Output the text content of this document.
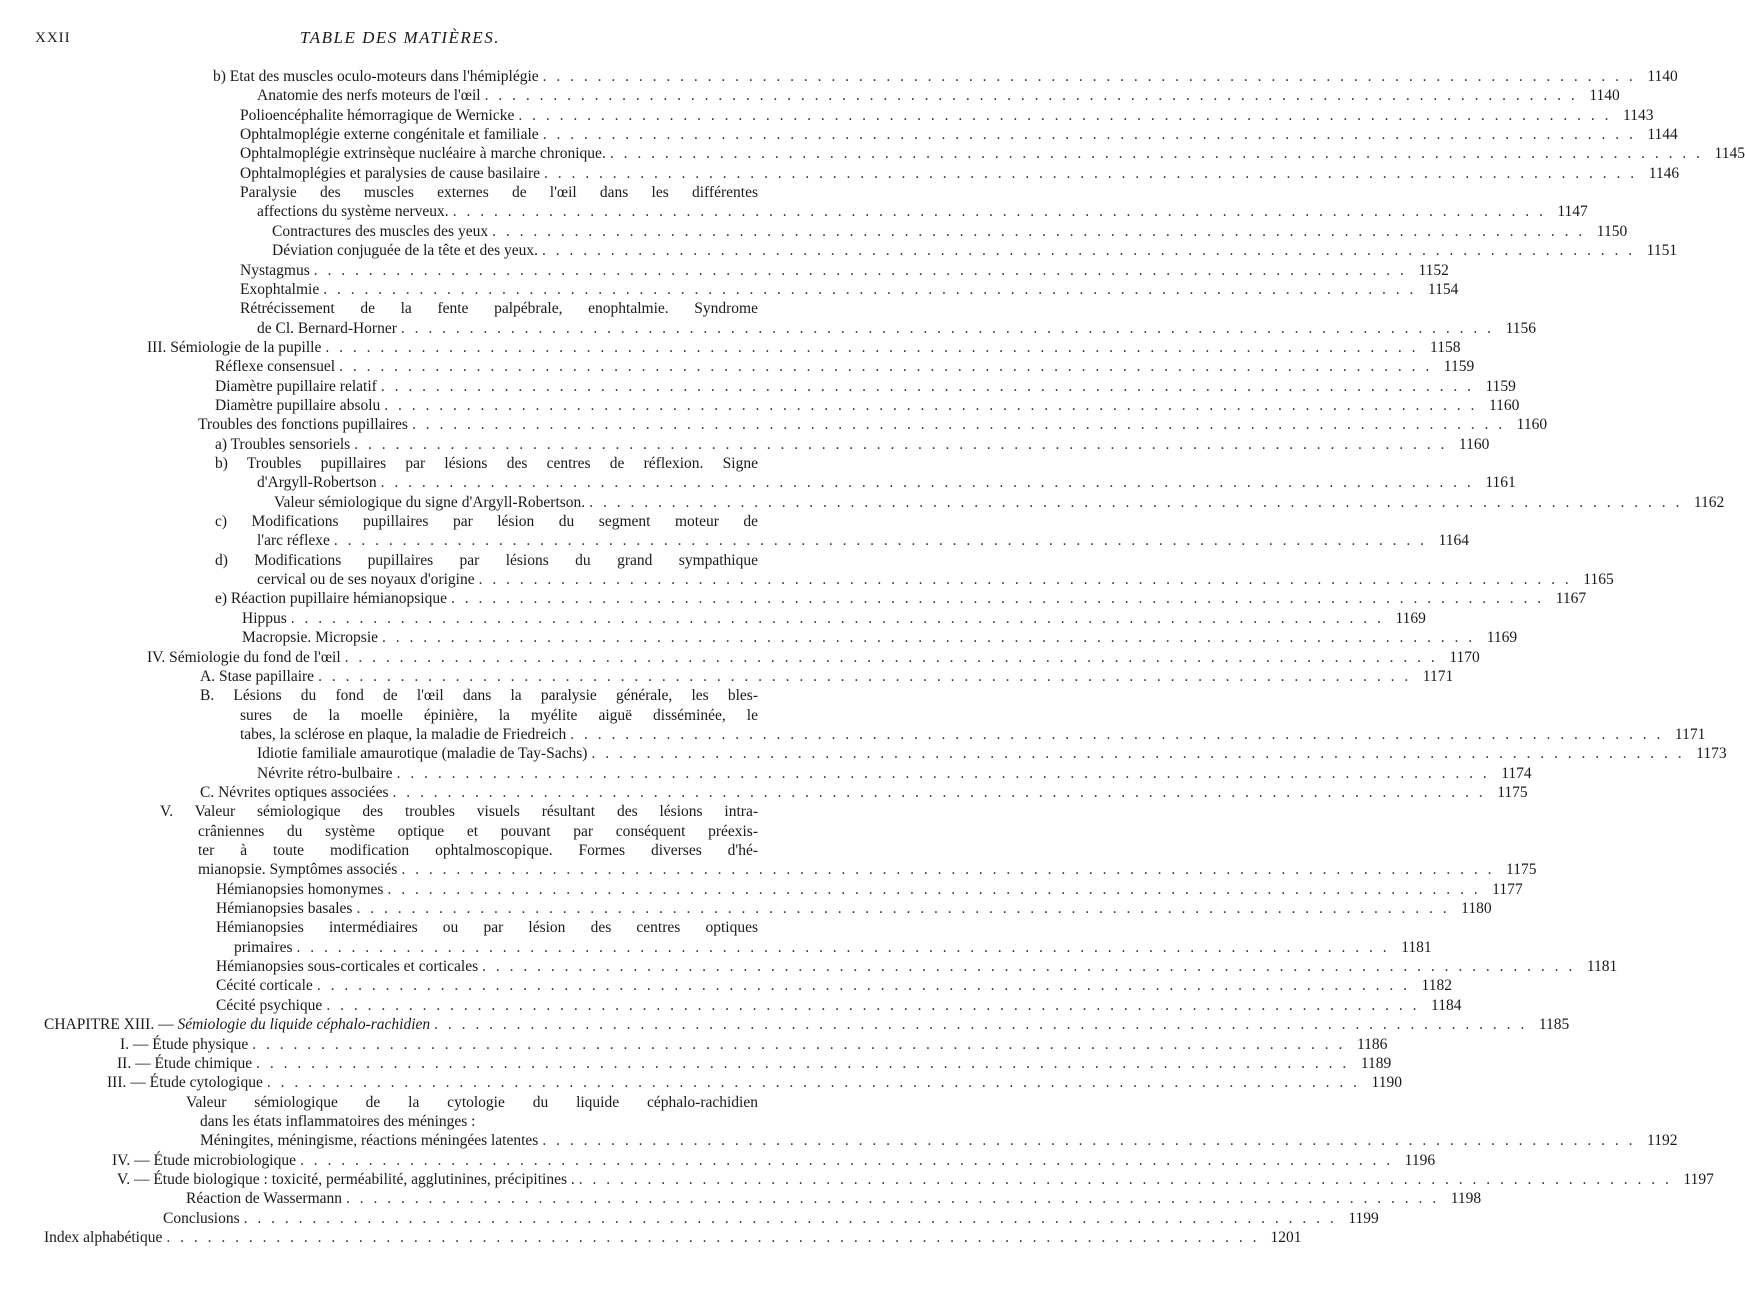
XXII	TABLE DES MATIÈRES.
b) Etat des muscles oculo-moteurs dans l'hémiplégie . . . . . . . . . . . . . . . . . . . . . . . . . . . . . . . . . . . . . . . . . . . . . . . . . . . . . . . . . . . . . . . . . . . . . . . . . . . . . . . . 1140
Anatomie des nerfs moteurs de l'œil . . . . . . . . . . . . . . . . . . . . . . . . . . . . . . . . . . . . . . . . . . . . . . . . . . . . . . . . . . . . . . . . . . . . . . . . . . . . . . . . 1140
Polioencéphalite hémorragique de Wernicke . . . . . . . . . . . . . . . . . . . . . . . . . . . . . . . . . . . . . . . . . . . . . . . . . . . . . . . . . . . . . . . . . . . . . . . . . . . . . . . . 1143
Ophtalmoplégie externe congénitale et familiale . . . . . . . . . . . . . . . . . . . . . . . . . . . . . . . . . . . . . . . . . . . . . . . . . . . . . . . . . . . . . . . . . . . . . . . . . . . . . . . . 1144
Ophtalmoplégie extrinsèque nucléaire à marche chronique. . . . . . . . . . . . . . . . . . . . . . . . . . . . . . . . . . . . . . . . . . . . . . . . . . . . . . . . . . . . . . . . . . . . . . . . . . . . . . . . . 1145
Ophtalmoplégies et paralysies de cause basilaire . . . . . . . . . . . . . . . . . . . . . . . . . . . . . . . . . . . . . . . . . . . . . . . . . . . . . . . . . . . . . . . . . . . . . . . . . . . . . . . . 1146
Paralysie des muscles externes de l'œil dans les différentes
affections du système nerveux. . . . . . . . . . . . . . . . . . . . . . . . . . . . . . . . . . . . . . . . . . . . . . . . . . . . . . . . . . . . . . . . . . . . . . . . . . . . . . . . . 1147
Contractures des muscles des yeux . . . . . . . . . . . . . . . . . . . . . . . . . . . . . . . . . . . . . . . . . . . . . . . . . . . . . . . . . . . . . . . . . . . . . . . . . . . . . . . . 1150
Déviation conjuguée de la tête et des yeux. . . . . . . . . . . . . . . . . . . . . . . . . . . . . . . . . . . . . . . . . . . . . . . . . . . . . . . . . . . . . . . . . . . . . . . . . . . . . . . . . 1151
Nystagmus . . . . . . . . . . . . . . . . . . . . . . . . . . . . . . . . . . . . . . . . . . . . . . . . . . . . . . . . . . . . . . . . . . . . . . . . . . . . . . . . 1152
Exophtalmie . . . . . . . . . . . . . . . . . . . . . . . . . . . . . . . . . . . . . . . . . . . . . . . . . . . . . . . . . . . . . . . . . . . . . . . . . . . . . . . . 1154
Rétrécissement de la fente palpébrale, enophtalmie. Syndrome
de Cl. Bernard-Horner . . . . . . . . . . . . . . . . . . . . . . . . . . . . . . . . . . . . . . . . . . . . . . . . . . . . . . . . . . . . . . . . . . . . . . . . . . . . . . . . 1156
III. Sémiologie de la pupille . . . . . . . . . . . . . . . . . . . . . . . . . . . . . . . . . . . . . . . . . . . . . . . . . . . . . . . . . . . . . . . . . . . . . . . . . . . . . . . . 1158
Réflexe consensuel . . . . . . . . . . . . . . . . . . . . . . . . . . . . . . . . . . . . . . . . . . . . . . . . . . . . . . . . . . . . . . . . . . . . . . . . . . . . . . . . 1159
Diamètre pupillaire relatif . . . . . . . . . . . . . . . . . . . . . . . . . . . . . . . . . . . . . . . . . . . . . . . . . . . . . . . . . . . . . . . . . . . . . . . . . . . . . . . . 1159
Diamètre pupillaire absolu . . . . . . . . . . . . . . . . . . . . . . . . . . . . . . . . . . . . . . . . . . . . . . . . . . . . . . . . . . . . . . . . . . . . . . . . . . . . . . . . 1160
Troubles des fonctions pupillaires . . . . . . . . . . . . . . . . . . . . . . . . . . . . . . . . . . . . . . . . . . . . . . . . . . . . . . . . . . . . . . . . . . . . . . . . . . . . . . . . 1160
a) Troubles sensoriels . . . . . . . . . . . . . . . . . . . . . . . . . . . . . . . . . . . . . . . . . . . . . . . . . . . . . . . . . . . . . . . . . . . . . . . . . . . . . . . . 1160
b) Troubles pupillaires par lésions des centres de réflexion. Signe
d'Argyll-Robertson . . . . . . . . . . . . . . . . . . . . . . . . . . . . . . . . . . . . . . . . . . . . . . . . . . . . . . . . . . . . . . . . . . . . . . . . . . . . . . . . 1161
Valeur sémiologique du signe d'Argyll-Robertson. . . . . . . . . . . . . . . . . . . . . . . . . . . . . . . . . . . . . . . . . . . . . . . . . . . . . . . . . . . . . . . . . . . . . . . . . . . . . . . . . 1162
c) Modifications pupillaires par lésion du segment moteur de
l'arc réflexe . . . . . . . . . . . . . . . . . . . . . . . . . . . . . . . . . . . . . . . . . . . . . . . . . . . . . . . . . . . . . . . . . . . . . . . . . . . . . . . . 1164
d) Modifications pupillaires par lésions du grand sympathique
cervical ou de ses noyaux d'origine . . . . . . . . . . . . . . . . . . . . . . . . . . . . . . . . . . . . . . . . . . . . . . . . . . . . . . . . . . . . . . . . . . . . . . . . . . . . . . . . 1165
e) Réaction pupillaire hémianopsique . . . . . . . . . . . . . . . . . . . . . . . . . . . . . . . . . . . . . . . . . . . . . . . . . . . . . . . . . . . . . . . . . . . . . . . . . . . . . . . . 1167
Hippus . . . . . . . . . . . . . . . . . . . . . . . . . . . . . . . . . . . . . . . . . . . . . . . . . . . . . . . . . . . . . . . . . . . . . . . . . . . . . . . . 1169
Macropsie. Micropsie . . . . . . . . . . . . . . . . . . . . . . . . . . . . . . . . . . . . . . . . . . . . . . . . . . . . . . . . . . . . . . . . . . . . . . . . . . . . . . . . 1169
IV. Sémiologie du fond de l'œil . . . . . . . . . . . . . . . . . . . . . . . . . . . . . . . . . . . . . . . . . . . . . . . . . . . . . . . . . . . . . . . . . . . . . . . . . . . . . . . . 1170
A. Stase papillaire . . . . . . . . . . . . . . . . . . . . . . . . . . . . . . . . . . . . . . . . . . . . . . . . . . . . . . . . . . . . . . . . . . . . . . . . . . . . . . . . 1171
B. Lésions du fond de l'œil dans la paralysie générale, les bles-
sures de la moelle épinière, la myélite aiguë disséminée, le
tabes, la sclérose en plaque, la maladie de Friedreich . . . . . . . . . . . . . . . . . . . . . . . . . . . . . . . . . . . . . . . . . . . . . . . . . . . . . . . . . . . . . . . . . . . . . . . . . . . . . . . . 1171
Idiotie familiale amaurotique (maladie de Tay-Sachs) . . . . . . . . . . . . . . . . . . . . . . . . . . . . . . . . . . . . . . . . . . . . . . . . . . . . . . . . . . . . . . . . . . . . . . . . . . . . . . . . 1173
Névrite rétro-bulbaire . . . . . . . . . . . . . . . . . . . . . . . . . . . . . . . . . . . . . . . . . . . . . . . . . . . . . . . . . . . . . . . . . . . . . . . . . . . . . . . . 1174
C. Névrites optiques associées . . . . . . . . . . . . . . . . . . . . . . . . . . . . . . . . . . . . . . . . . . . . . . . . . . . . . . . . . . . . . . . . . . . . . . . . . . . . . . . . 1175
V. Valeur sémiologique des troubles visuels résultant des lésions intra-
crâniennes du système optique et pouvant par conséquent préexis-
ter à toute modification ophtalmoscopique. Formes diverses d'hé-
mianopsie. Symptômes associés . . . . . . . . . . . . . . . . . . . . . . . . . . . . . . . . . . . . . . . . . . . . . . . . . . . . . . . . . . . . . . . . . . . . . . . . . . . . . . . . 1175
Hémianopsies homonymes . . . . . . . . . . . . . . . . . . . . . . . . . . . . . . . . . . . . . . . . . . . . . . . . . . . . . . . . . . . . . . . . . . . . . . . . . . . . . . . . 1177
Hémianopsies basales . . . . . . . . . . . . . . . . . . . . . . . . . . . . . . . . . . . . . . . . . . . . . . . . . . . . . . . . . . . . . . . . . . . . . . . . . . . . . . . . 1180
Hémianopsies intermédiaires ou par lésion des centres optiques
primaires . . . . . . . . . . . . . . . . . . . . . . . . . . . . . . . . . . . . . . . . . . . . . . . . . . . . . . . . . . . . . . . . . . . . . . . . . . . . . . . . 1181
Hémianopsies sous-corticales et corticales . . . . . . . . . . . . . . . . . . . . . . . . . . . . . . . . . . . . . . . . . . . . . . . . . . . . . . . . . . . . . . . . . . . . . . . . . . . . . . . . 1181
Cécité corticale . . . . . . . . . . . . . . . . . . . . . . . . . . . . . . . . . . . . . . . . . . . . . . . . . . . . . . . . . . . . . . . . . . . . . . . . . . . . . . . . 1182
Cécité psychique . . . . . . . . . . . . . . . . . . . . . . . . . . . . . . . . . . . . . . . . . . . . . . . . . . . . . . . . . . . . . . . . . . . . . . . . . . . . . . . . 1184
CHAPITRE XIII. — Sémiologie du liquide céphalo-rachidien . . . . . . . . . . . . . . . . . . . . . . . . . . . . . . . . . . . . . . . . . . . . . . . . . . . . . . . . . . . . . . . . . . . . . . . . . . . . . . . . 1185
I. — Étude physique . . . . . . . . . . . . . . . . . . . . . . . . . . . . . . . . . . . . . . . . . . . . . . . . . . . . . . . . . . . . . . . . . . . . . . . . . . . . . . . . 1186
II. — Étude chimique . . . . . . . . . . . . . . . . . . . . . . . . . . . . . . . . . . . . . . . . . . . . . . . . . . . . . . . . . . . . . . . . . . . . . . . . . . . . . . . . 1189
III. — Étude cytologique . . . . . . . . . . . . . . . . . . . . . . . . . . . . . . . . . . . . . . . . . . . . . . . . . . . . . . . . . . . . . . . . . . . . . . . . . . . . . . . . 1190
Valeur sémiologique de la cytologie du liquide céphalo-rachidien
dans les états inflammatoires des méninges :
Méningites, méningisme, réactions méningées latentes . . . . . . . . . . . . . . . . . . . . . . . . . . . . . . . . . . . . . . . . . . . . . . . . . . . . . . . . . . . . . . . . . . . . . . . . . . . . . . . . 1192
IV. — Étude microbiologique . . . . . . . . . . . . . . . . . . . . . . . . . . . . . . . . . . . . . . . . . . . . . . . . . . . . . . . . . . . . . . . . . . . . . . . . . . . . . . . . 1196
V. — Étude biologique : toxicité, perméabilité, agglutinines, précipitines . . . . . . . . . . . . . . . . . . . . . . . . . . . . . . . . . . . . . . . . . . . . . . . . . . . . . . . . . . . . . . . . . . . . . . . . . . . . . . . . . 1197
Réaction de Wassermann . . . . . . . . . . . . . . . . . . . . . . . . . . . . . . . . . . . . . . . . . . . . . . . . . . . . . . . . . . . . . . . . . . . . . . . . . . . . . . . . 1198
Conclusions . . . . . . . . . . . . . . . . . . . . . . . . . . . . . . . . . . . . . . . . . . . . . . . . . . . . . . . . . . . . . . . . . . . . . . . . . . . . . . . . 1199
Index alphabétique . . . . . . . . . . . . . . . . . . . . . . . . . . . . . . . . . . . . . . . . . . . . . . . . . . . . . . . . . . . . . . . . . . . . . . . . . . . . . . . . 1201
